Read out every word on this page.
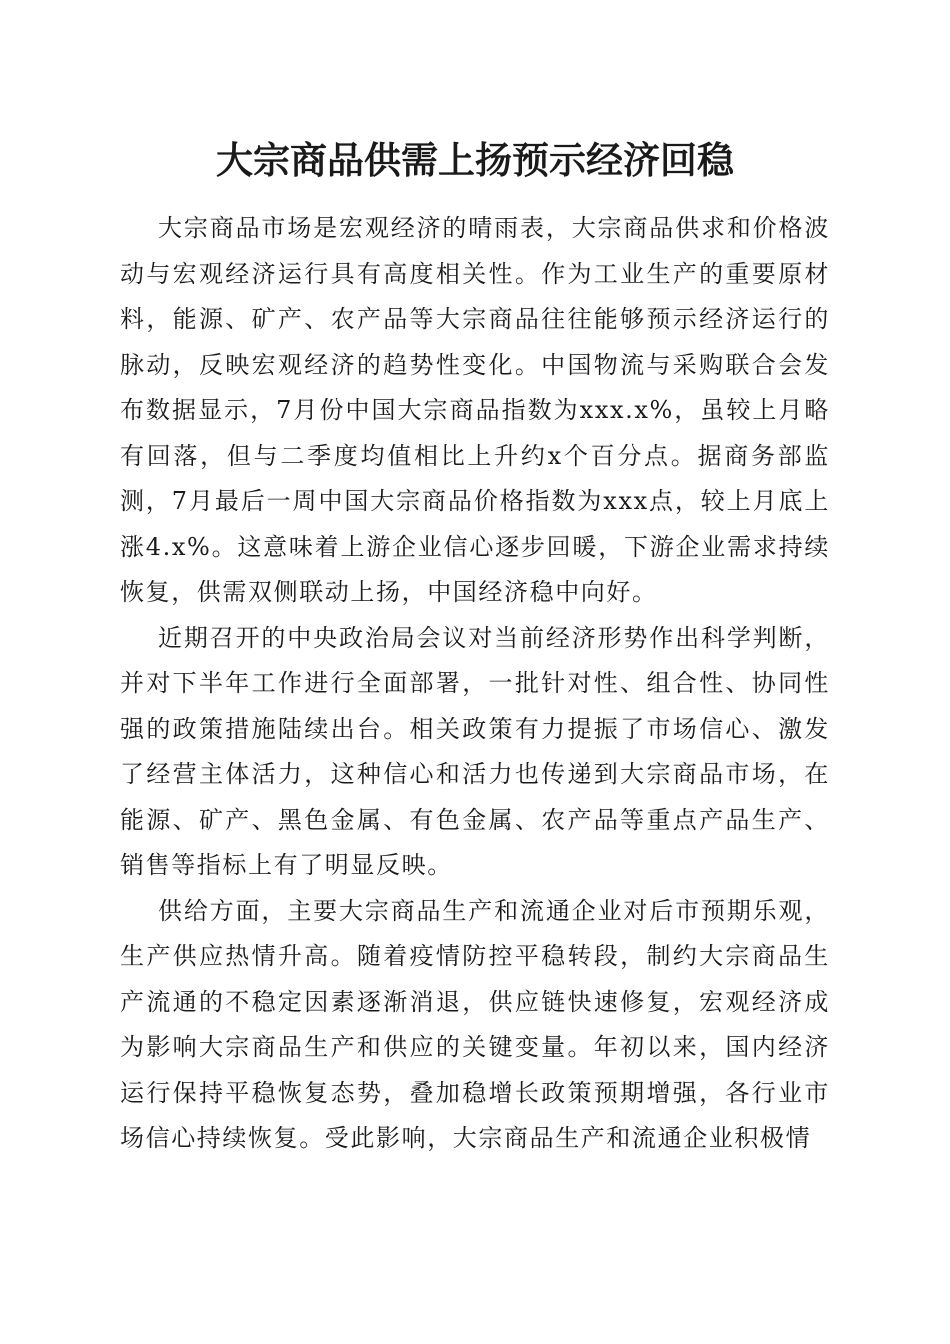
大宗商品供需上扬预示经济回稳

大宗商品市场是宏观经济的晴雨表，大宗商品供求和价格波动与宏观经济运行具有高度相关性。作为工业生产的重要原材料，能源、矿产、农产品等大宗商品往往能够预示经济运行的脉动，反映宏观经济的趋势性变化。中国物流与采购联合会发布数据显示，7月份中国大宗商品指数为xxx.x%，虽较上月略有回落，但与二季度均值相比上升约x个百分点。据商务部监测，7月最后一周中国大宗商品价格指数为xxx点，较上月底上涨4.x%。这意味着上游企业信心逐步回暖，下游企业需求持续恢复，供需双侧联动上扬，中国经济稳中向好。

近期召开的中央政治局会议对当前经济形势作出科学判断，并对下半年工作进行全面部署，一批针对性、组合性、协同性强的政策措施陆续出台。相关政策有力提振了市场信心、激发了经营主体活力，这种信心和活力也传递到大宗商品市场，在能源、矿产、黑色金属、有色金属、农产品等重点产品生产、销售等指标上有了明显反映。

供给方面，主要大宗商品生产和流通企业对后市预期乐观，生产供应热情升高。随着疫情防控平稳转段，制约大宗商品生产流通的不稳定因素逐渐消退，供应链快速修复，宏观经济成为影响大宗商品生产和供应的关键变量。年初以来，国内经济运行保持平稳恢复态势，叠加稳增长政策预期增强，各行业市场信心持续恢复。受此影响，大宗商品生产和流通企业积极情
